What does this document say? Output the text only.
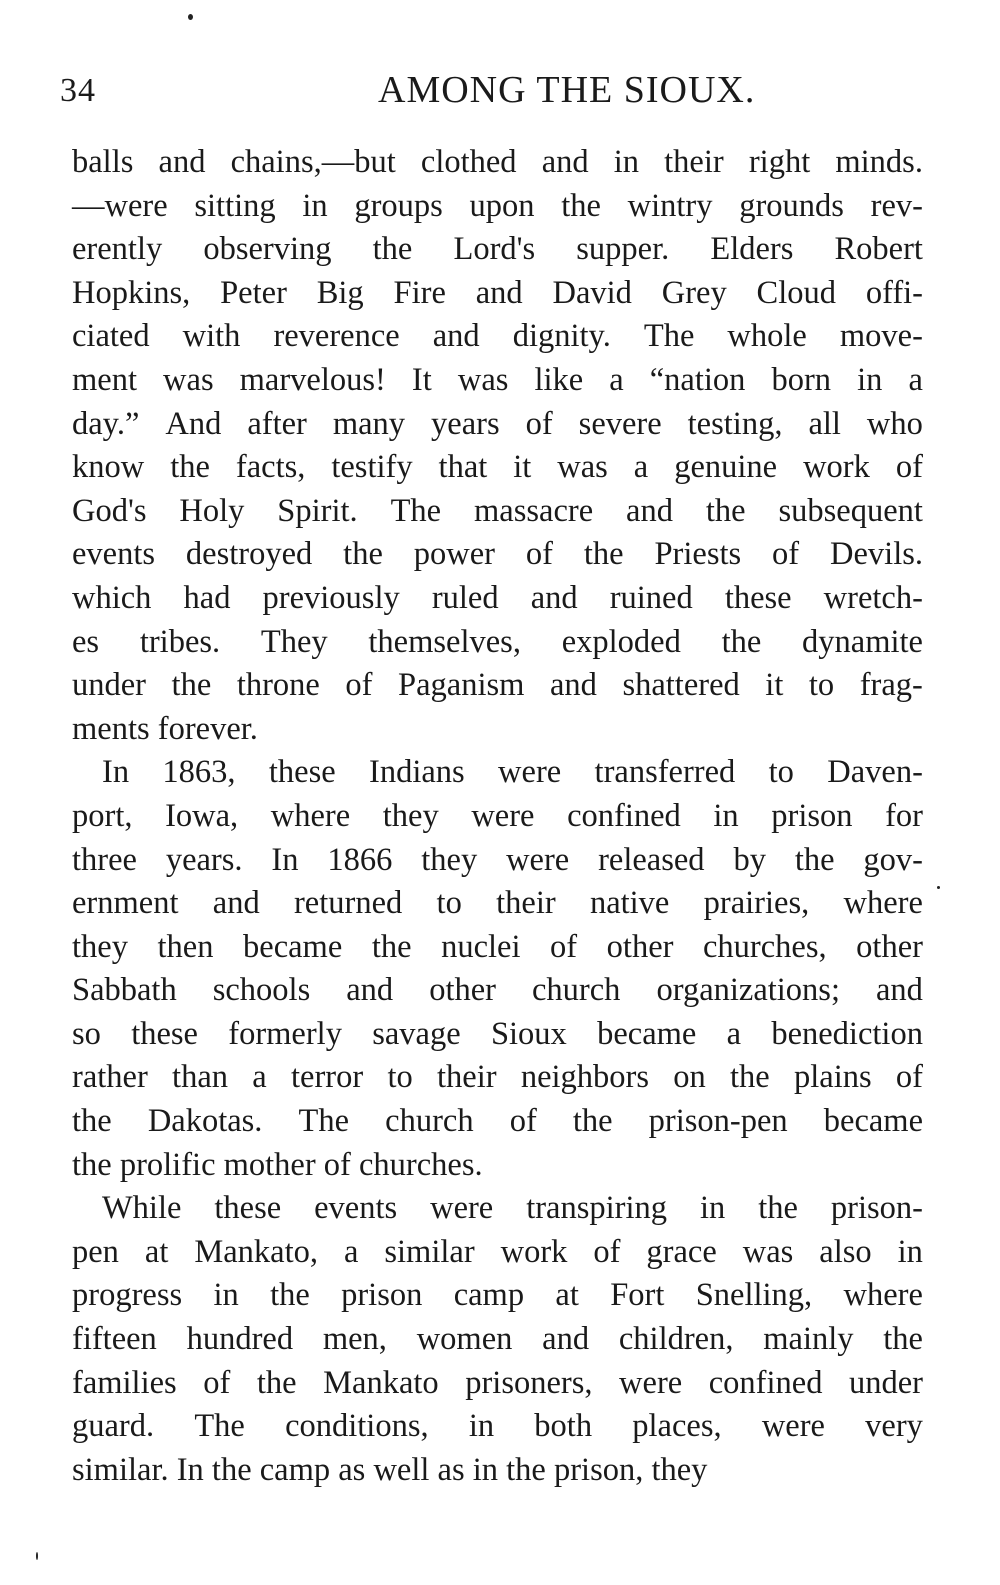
34	AMONG THE SIOUX.
balls and chains,—but clothed and in their right minds.
—were sitting in groups upon the wintry grounds rev-
erently observing the Lord's supper. Elders Robert
Hopkins, Peter Big Fire and David Grey Cloud offi-
ciated with reverence and dignity. The whole move-
ment was marvelous! It was like a “nation born in a
day.” And after many years of severe testing, all who
know the facts, testify that it was a genuine work of
God's Holy Spirit. The massacre and the subsequent
events destroyed the power of the Priests of Devils.
which had previously ruled and ruined these wretch-
es tribes. They themselves, exploded the dynamite
under the throne of Paganism and shattered it to frag-
ments forever.
In 1863, these Indians were transferred to Daven-
port, Iowa, where they were confined in prison for
three years. In 1866 they were released by the gov-
ernment and returned to their native prairies, where
they then became the nuclei of other churches, other
Sabbath schools and other church organizations; and
so these formerly savage Sioux became a benediction
rather than a terror to their neighbors on the plains of
the Dakotas. The church of the prison-pen became
the prolific mother of churches.
While these events were transpiring in the prison-
pen at Mankato, a similar work of grace was also in
progress in the prison camp at Fort Snelling, where
fifteen hundred men, women and children, mainly the
families of the Mankato prisoners, were confined under
guard. The conditions, in both places, were very
similar. In the camp as well as in the prison, they
